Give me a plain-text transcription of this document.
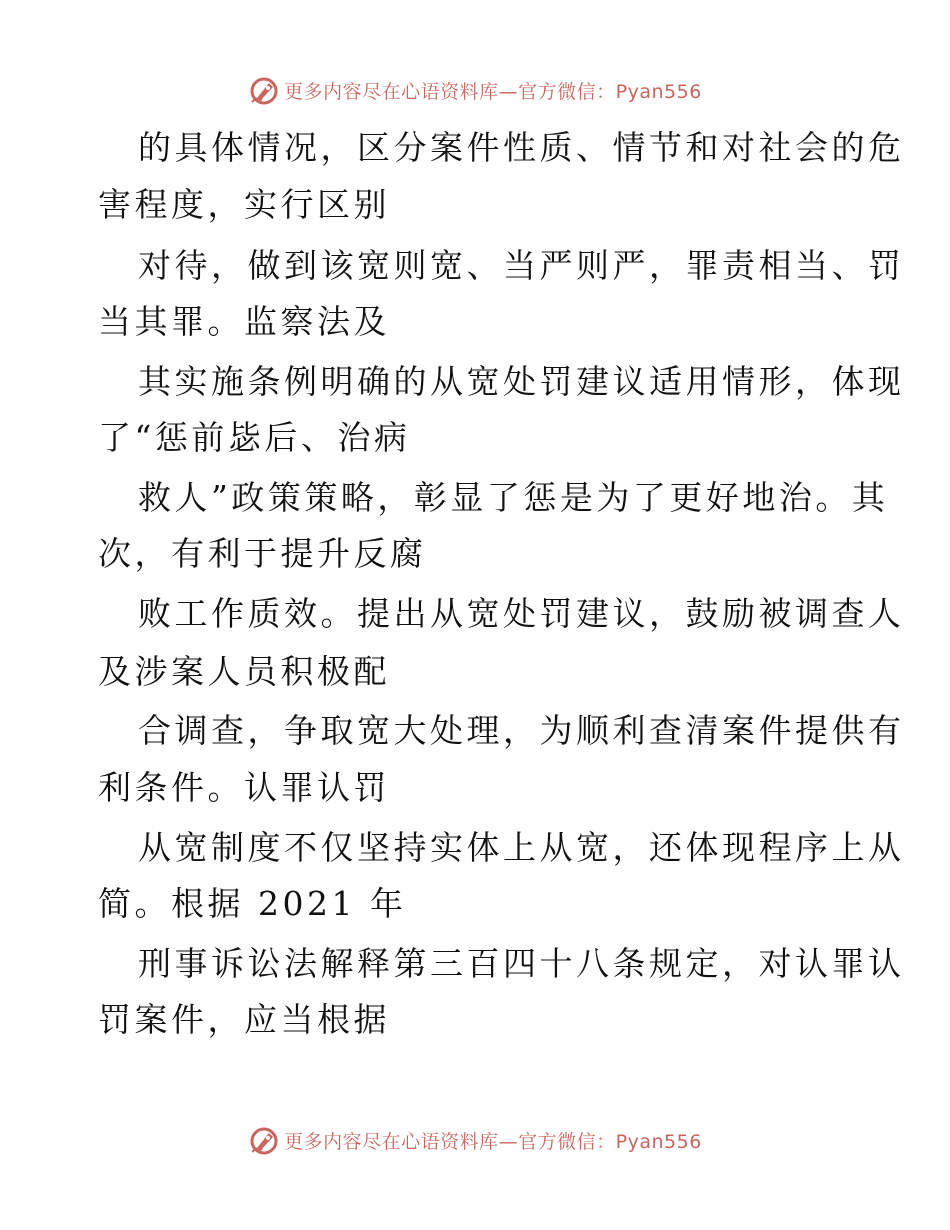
更多内容尽在心语资料库—官方微信：Pyan556
的具体情况，区分案件性质、情节和对社会的危
害程度，实行区别
对待，做到该宽则宽、当严则严，罪责相当、罚
当其罪。监察法及
其实施条例明确的从宽处罚建议适用情形，体现
了“惩前毖后、治病
救人”政策策略，彰显了惩是为了更好地治。其
次，有利于提升反腐
败工作质效。提出从宽处罚建议，鼓励被调查人
及涉案人员积极配
合调查，争取宽大处理，为顺利查清案件提供有
利条件。认罪认罚
从宽制度不仅坚持实体上从宽，还体现程序上从
简。根据 2021 年
刑事诉讼法解释第三百四十八条规定，对认罪认
罚案件，应当根据
更多内容尽在心语资料库—官方微信：Pyan556
